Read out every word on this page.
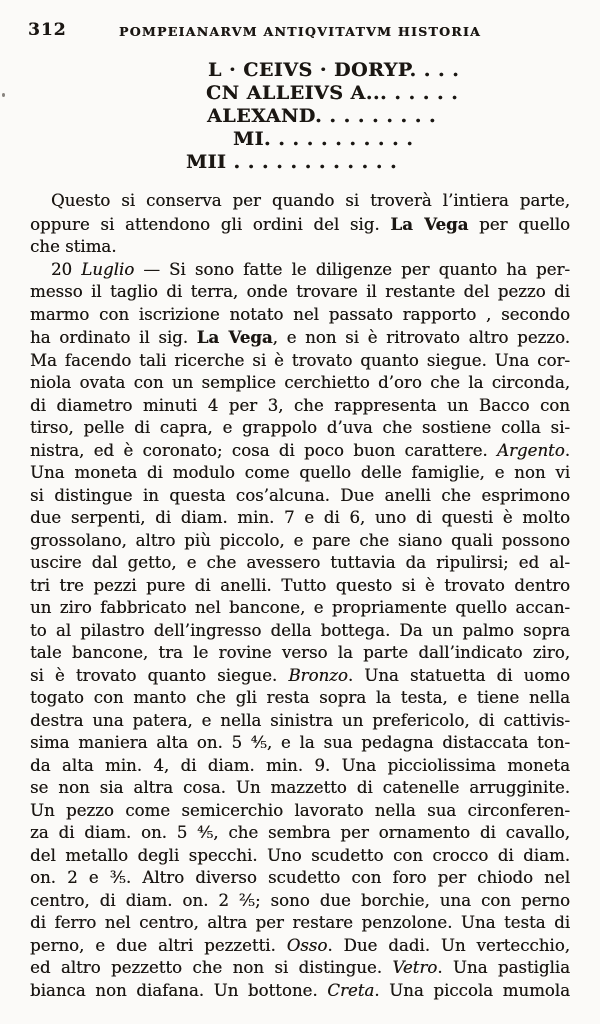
312	POMPEIANARVM ANTIQVITATVM HISTORIA
L · CEIVS · DORYP. . . .
CN ALLEIVS A... . . . . .
ALEXAND. . . . . . . . .
MI. . . . . . . . . . .
MII . . . . . . . . . . . .
Questo si conserva per quando si troverà l’intiera parte,
oppure si attendono gli ordini del sig. La Vega per quello
che stima.
20 Luglio — Si sono fatte le diligenze per quanto ha per-
messo il taglio di terra, onde trovare il restante del pezzo di
marmo con iscrizione notato nel passato rapporto , secondo
ha ordinato il sig. La Vega, e non si è ritrovato altro pezzo.
Ma facendo tali ricerche si è trovato quanto siegue. Una cor-
niola ovata con un semplice cerchietto d’oro che la circonda,
di diametro minuti 4 per 3, che rappresenta un Bacco con
tirso, pelle di capra, e grappolo d’uva che sostiene colla si-
nistra, ed è coronato; cosa di poco buon carattere. Argento.
Una moneta di modulo come quello delle famiglie, e non vi
si distingue in questa cos’alcuna. Due anelli che esprimono
due serpenti, di diam. min. 7 e di 6, uno di questi è molto
grossolano, altro più piccolo, e pare che siano quali possono
uscire dal getto, e che avessero tuttavia da ripulirsi; ed al-
tri tre pezzi pure di anelli. Tutto questo si è trovato dentro
un ziro fabbricato nel bancone, e propriamente quello accan-
to al pilastro dell’ingresso della bottega. Da un palmo sopra
tale bancone, tra le rovine verso la parte dall’indicato ziro,
si è trovato quanto siegue. Bronzo. Una statuetta di uomo
togato con manto che gli resta sopra la testa, e tiene nella
destra una patera, e nella sinistra un prefericolo, di cattivis-
sima maniera alta on. 5 ⁴⁄₅, e la sua pedagna distaccata ton-
da alta min. 4, di diam. min. 9. Una picciolissima moneta
se non sia altra cosa. Un mazzetto di catenelle arrugginite.
Un pezzo come semicerchio lavorato nella sua circonferen-
za di diam. on. 5 ⁴⁄₅, che sembra per ornamento di cavallo,
del metallo degli specchi. Uno scudetto con crocco di diam.
on. 2 e ³⁄₅. Altro diverso scudetto con foro per chiodo nel
centro, di diam. on. 2 ²⁄₅; sono due borchie, una con perno
di ferro nel centro, altra per restare penzolone. Una testa di
perno, e due altri pezzetti. Osso. Due dadi. Un vertecchio,
ed altro pezzetto che non si distingue. Vetro. Una pastiglia
bianca non diafana. Un bottone. Creta. Una piccola mumola
